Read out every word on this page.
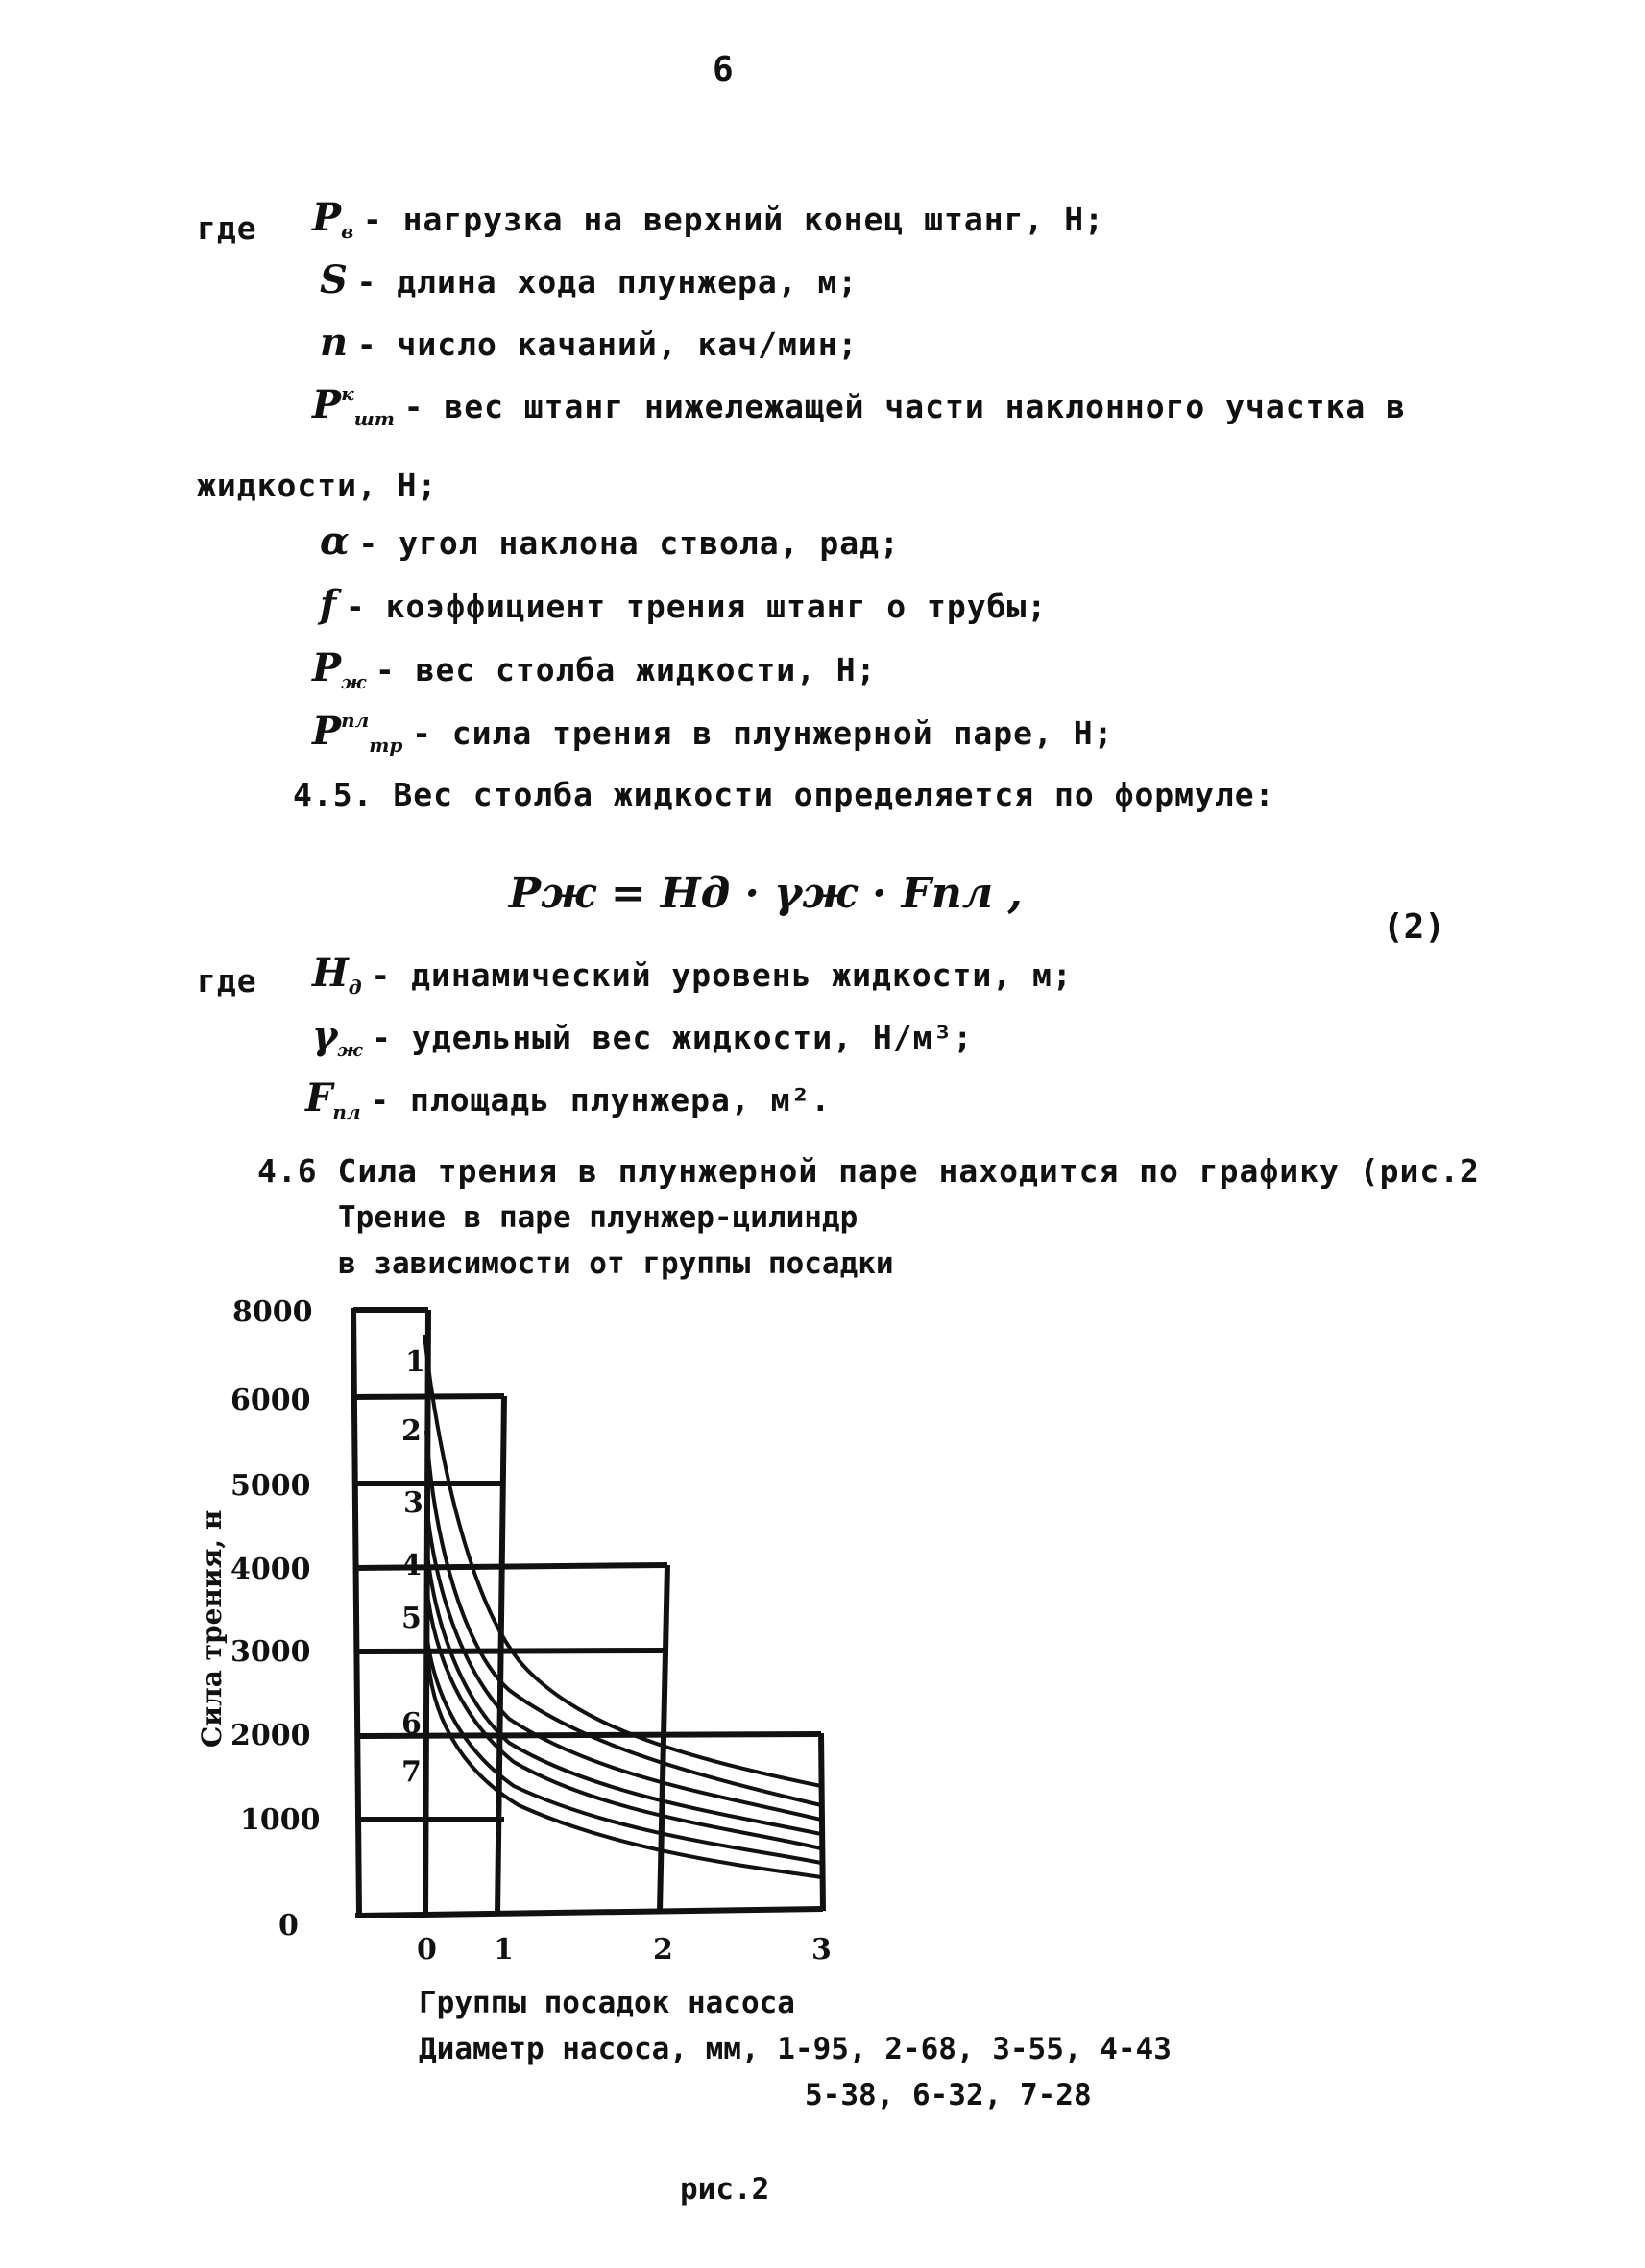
6
где Pв - нагрузка на верхний конец штанг, Н;
S - длина хода плунжера, м;
n - число качаний, кач/мин;
Pкшт - вес штанг нижележащей части наклонного участка в
жидкости, Н;
α - угол наклона ствола, рад;
f - коэффициент трения штанг о трубы;
Pж - вес столба жидкости, Н;
Pплтр - сила трения в плунжерной паре, Н;
4.5. Вес столба жидкости определяется по формуле:
Pж = Hд · γж · Fпл ,
(2)
где Hд - динамический уровень жидкости, м;
γж - удельный вес жидкости, Н/м³;
Fпл - площадь плунжера, м².
4.6 Сила трения в плунжерной паре находится по графику (рис.2
Трение в паре плунжер-цилиндр
в зависимости от группы посадки
8000
6000
5000
4000
3000
2000
1000
0
0 1	2	3
1
2
3
4
5
6
7
Сила трения, н
Группы посадок насоса
Диаметр насоса, мм, 1-95, 2-68, 3-55, 4-43
5-38, 6-32, 7-28
рис.2
